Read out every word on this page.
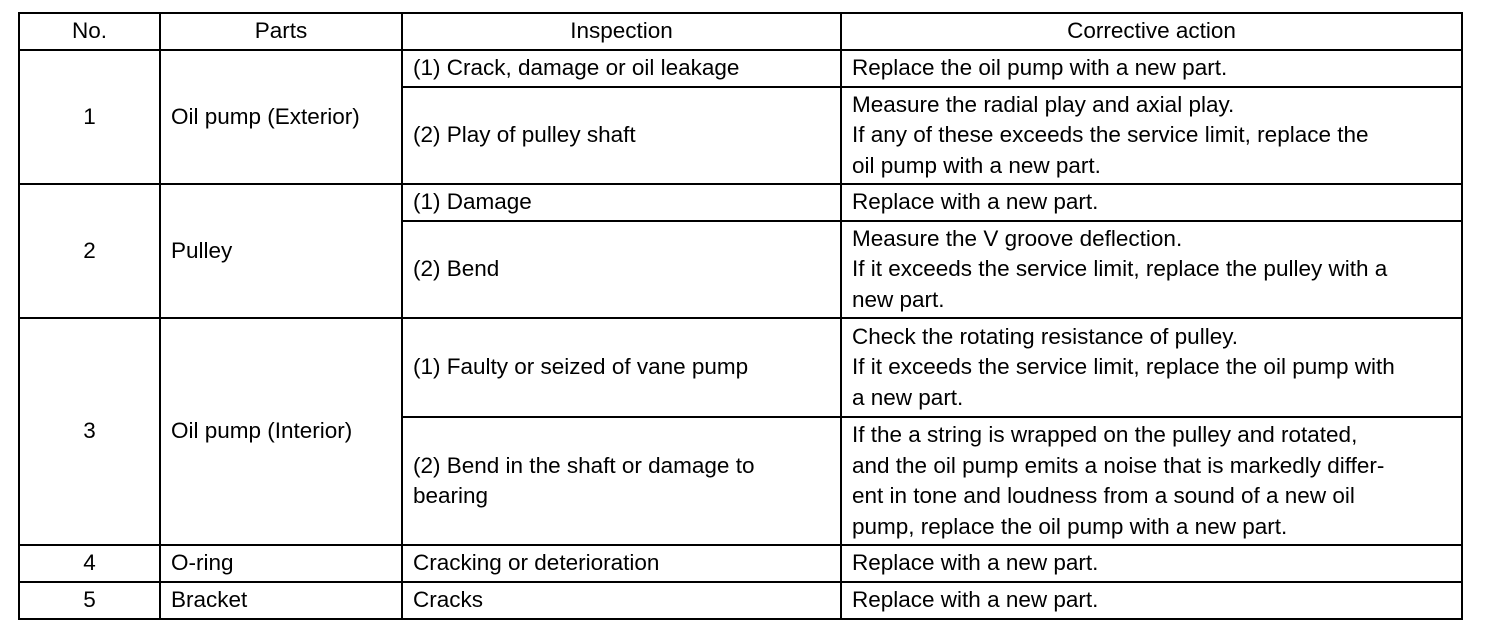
No.	Parts	Inspection	Corrective action
1	Oil pump (Exterior)	(1) Crack, damage or oil leakage	Replace the oil pump with a new part.

		(2) Play of pulley shaft	Measure the radial play and axial play.
If any of these exceeds the service limit, replace the
oil pump with a new part.

2	Pulley	(1) Damage	Replace with a new part.

		(2) Bend	Measure the V groove deflection.
If it exceeds the service limit, replace the pulley with a
new part.

3	Oil pump (Interior)	(1) Faulty or seized of vane pump	Check the rotating resistance of pulley.
If it exceeds the service limit, replace the oil pump with
a new part.

		(2) Bend in the shaft or damage to
bearing	If the a string is wrapped on the pulley and rotated,
and the oil pump emits a noise that is markedly differ-
ent in tone and loudness from a sound of a new oil
pump, replace the oil pump with a new part.

4	O-ring	Cracking or deterioration	Replace with a new part.

5	Bracket	Cracks	Replace with a new part.
